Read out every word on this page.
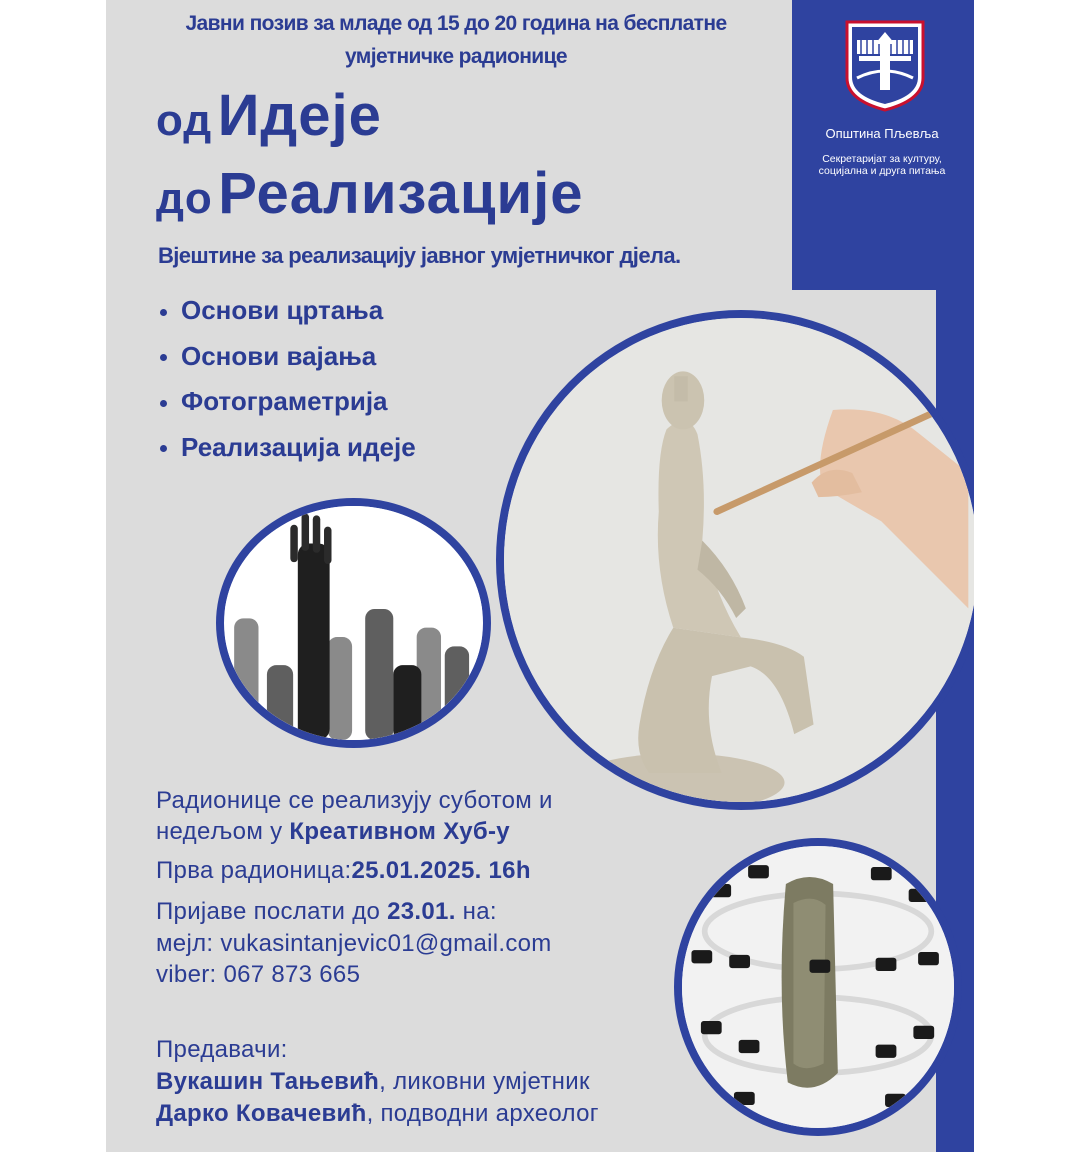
Јавни позив за младе од 15 до 20 година на бесплатне
умјетничке радионице
од Идеје
до Реализације
Вјештине за реализацију јавног умјетничког дјела.
Основи цртања
Основи вајања
Фотограметрија
Реализација идеје
Општина Пљевља
Секретаријат за културу,
социјална и друга питања
Радионице се реализују суботом и
недељом у Креативном Хуб-у
Прва радионица:25.01.2025. 16h
Пријаве послати до 23.01. на:
мејл: vukasintanjevic01@gmail.com
viber: 067 873 665
Предавачи:
Вукашин Тањевић, ликовни умјетник
Дарко Ковачевић, подводни археолог
